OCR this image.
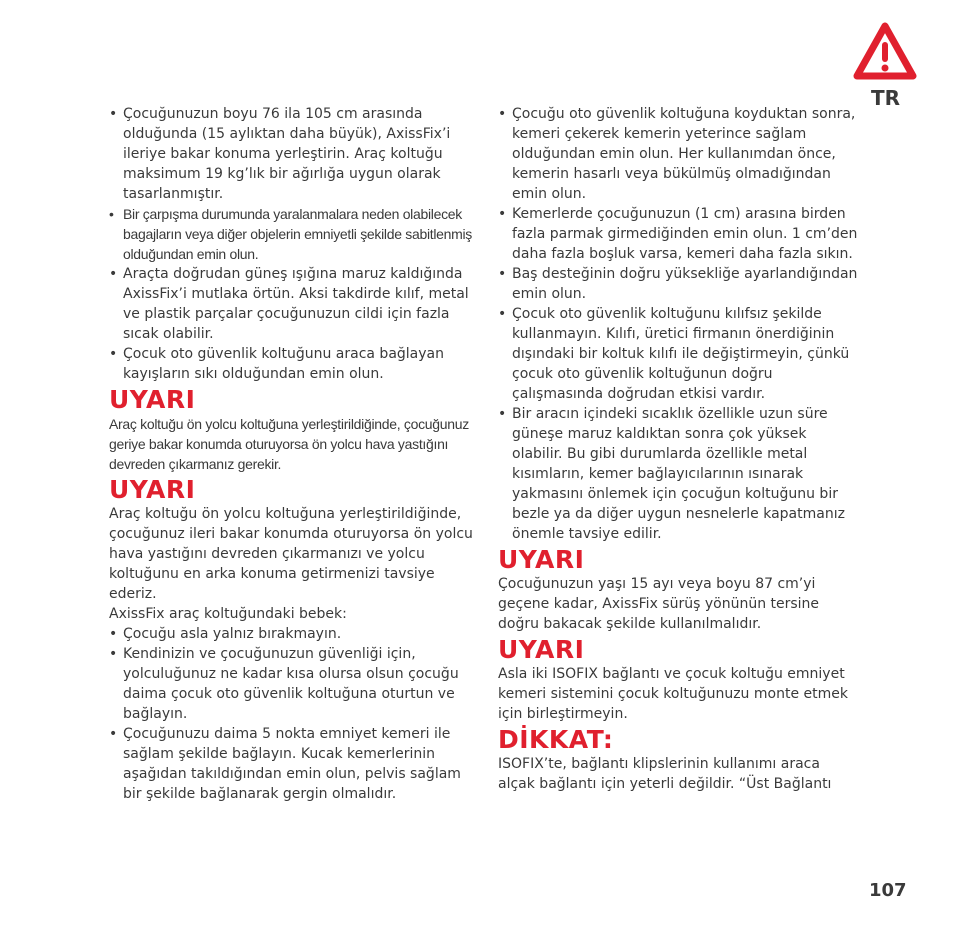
TR
• Çocuğunuzun boyu 76 ila 105 cm arasında olduğunda (15 aylıktan daha büyük), AxissFix’i ileriye bakar konuma yerleştirin. Araç koltuğu maksimum 19 kg’lık bir ağırlığa uygun olarak tasarlanmıştır.
• Bir çarpışma durumunda yaralanmalara neden olabilecek bagajların veya diğer objelerin emniyetli şekilde sabitlenmiş olduğundan emin olun.
• Araçta doğrudan güneş ışığına maruz kaldığında AxissFix’i mutlaka örtün. Aksi takdirde kılıf, metal ve plastik parçalar çocuğunuzun cildi için fazla sıcak olabilir.
• Çocuk oto güvenlik koltuğunu araca bağlayan kayışların sıkı olduğundan emin olun.
UYARI

Araç koltuğu ön yolcu koltuğuna yerleştirildiğinde, çocuğunuz geriye bakar konumda oturuyorsa ön yolcu hava yastığını devreden çıkarmanız gerekir.

UYARI

Araç koltuğu ön yolcu koltuğuna yerleştirildiğinde, çocuğunuz ileri bakar konumda oturuyorsa ön yolcu hava yastığını devreden çıkarmanızı ve yolcu koltuğunu en arka konuma getirmenizi tavsiye ederiz.

AxissFix araç koltuğundaki bebek:

• Çocuğu asla yalnız bırakmayın.
• Kendinizin ve çocuğunuzun güvenliği için, yolculuğunuz ne kadar kısa olursa olsun çocuğu daima çocuk oto güvenlik koltuğuna oturtun ve bağlayın.
• Çocuğunuzu daima 5 nokta emniyet kemeri ile sağlam şekilde bağlayın. Kucak kemerlerinin aşağıdan takıldığından emin olun, pelvis sağlam bir şekilde bağlanarak gergin olmalıdır.
• Çocuğu oto güvenlik koltuğuna koyduktan sonra, kemeri çekerek kemerin yeterince sağlam olduğundan emin olun. Her kullanımdan önce, kemerin hasarlı veya bükülmüş olmadığından emin olun.
• Kemerlerde çocuğunuzun (1 cm) arasına birden fazla parmak girmediğinden emin olun. 1 cm’den daha fazla boşluk varsa, kemeri daha fazla sıkın.
• Baş desteğinin doğru yüksekliğe ayarlandığından emin olun.
• Çocuk oto güvenlik koltuğunu kılıfsız şekilde kullanmayın. Kılıfı, üretici firmanın önerdiğinin dışındaki bir koltuk kılıfı ile değiştirmeyin, çünkü çocuk oto güvenlik koltuğunun doğru çalışmasında doğrudan etkisi vardır.
• Bir aracın içindeki sıcaklık özellikle uzun süre güneşe maruz kaldıktan sonra çok yüksek olabilir. Bu gibi durumlarda özellikle metal kısımların, kemer bağlayıcılarının ısınarak yakmasını önlemek için çocuğun koltuğunu bir bezle ya da diğer uygun nesnelerle kapatmanız önemle tavsiye edilir.
UYARI

Çocuğunuzun yaşı 15 ayı veya boyu 87 cm’yi geçene kadar, AxissFix sürüş yönünün tersine doğru bakacak şekilde kullanılmalıdır.

UYARI

Asla iki ISOFIX bağlantı ve çocuk koltuğu emniyet kemeri sistemini çocuk koltuğunuzu monte etmek için birleştirmeyin.

DİKKAT:

ISOFIX’te, bağlantı klipslerinin kullanımı araca alçak bağlantı için yeterli değildir. “Üst Bağlantı

107
